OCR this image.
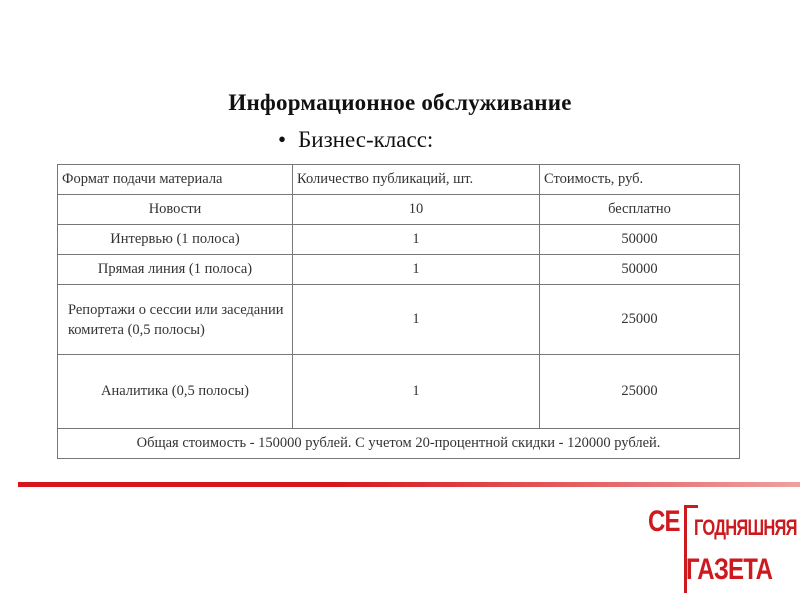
Информационное обслуживание
• Бизнес-класс:
Формат подачи материала	Количество публикаций, шт.	Стоимость, руб.
Новости	10	бесплатно
Интервью (1 полоса)	1	50000
Прямая линия (1 полоса)	1	50000
Репортажи о сессии или заседании комитета (0,5 полосы)	1	25000
Аналитика (0,5 полосы)	1	25000
Общая стоимость - 150000 рублей. С учетом 20-процентной скидки - 120000 рублей.		
СЕ ГОДНЯШНЯЯ
ГАЗЕТА
